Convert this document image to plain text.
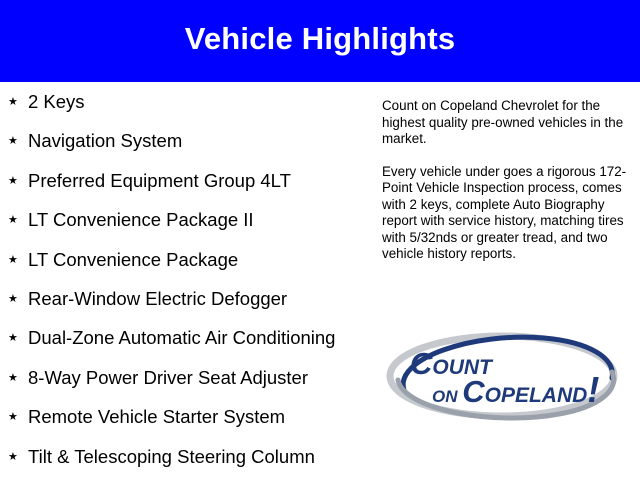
Vehicle Highlights
★ 2 Keys
★ Navigation System
★ Preferred Equipment Group 4LT
★ LT Convenience Package II
★ LT Convenience Package
★ Rear-Window Electric Defogger
★ Dual-Zone Automatic Air Conditioning
★ 8-Way Power Driver Seat Adjuster
★ Remote Vehicle Starter System
★ Tilt & Telescoping Steering Column

Count on Copeland Chevrolet for the highest quality pre-owned vehicles in the market.

Every vehicle under goes a rigorous 172-Point Vehicle Inspection process, comes with 2 keys, complete Auto Biography report with service history, matching tires with 5/32nds or greater tread, and two vehicle history reports.

COUNT
ON COPELAND!
